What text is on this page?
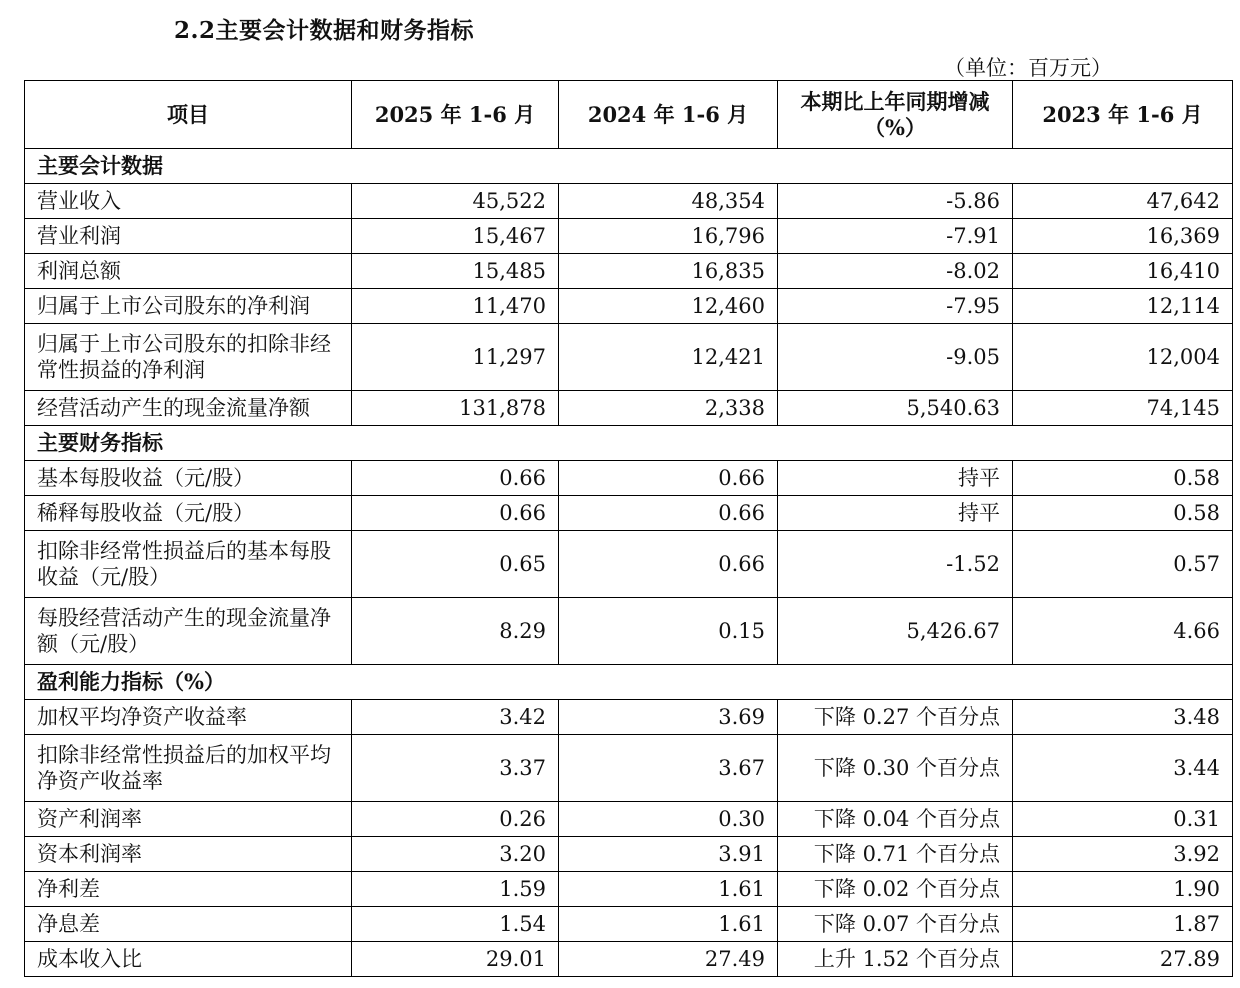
2.2主要会计数据和财务指标
（单位：百万元）
项目	2025 年 1-6 月	2024 年 1-6 月	本期比上年同期增减（%）	2023 年 1-6 月
主要会计数据				
营业收入	45,522	48,354	-5.86	47,642
营业利润	15,467	16,796	-7.91	16,369
利润总额	15,485	16,835	-8.02	16,410
归属于上市公司股东的净利润	11,470	12,460	-7.95	12,114
归属于上市公司股东的扣除非经常性损益的净利润	11,297	12,421	-9.05	12,004
经营活动产生的现金流量净额	131,878	2,338	5,540.63	74,145
主要财务指标				
基本每股收益（元/股）	0.66	0.66	持平	0.58
稀释每股收益（元/股）	0.66	0.66	持平	0.58
扣除非经常性损益后的基本每股收益（元/股）	0.65	0.66	-1.52	0.57
每股经营活动产生的现金流量净额（元/股）	8.29	0.15	5,426.67	4.66
盈利能力指标（%）				
加权平均净资产收益率	3.42	3.69	下降 0.27 个百分点	3.48
扣除非经常性损益后的加权平均净资产收益率	3.37	3.67	下降 0.30 个百分点	3.44
资产利润率	0.26	0.30	下降 0.04 个百分点	0.31
资本利润率	3.20	3.91	下降 0.71 个百分点	3.92
净利差	1.59	1.61	下降 0.02 个百分点	1.90
净息差	1.54	1.61	下降 0.07 个百分点	1.87
成本收入比	29.01	27.49	上升 1.52 个百分点	27.89
